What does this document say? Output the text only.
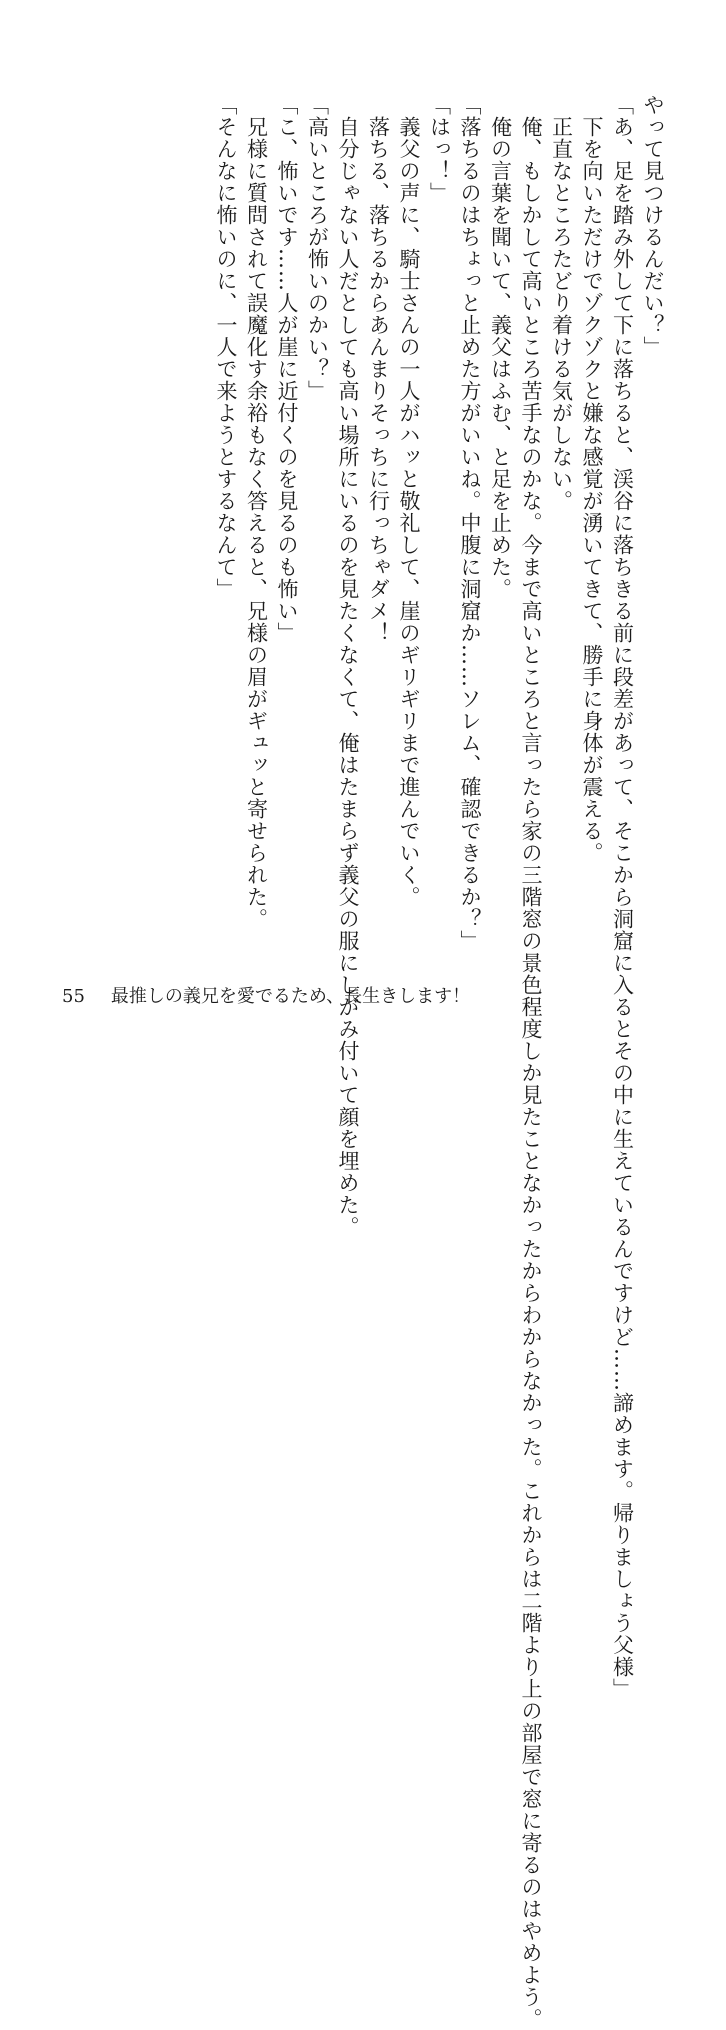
やって見つけるんだい？」
「あ、足を踏み外して下に落ちると、渓谷に落ちきる前に段差があって、そこから洞窟に入るとその中に生えているんですけど……諦めます。帰りましょう父様」
　下を向いただけでゾクゾクと嫌な感覚が湧いてきて、勝手に身体が震える。
　正直なところたどり着ける気がしない。
　俺、もしかして高いところ苦手なのかな。今まで高いところと言ったら家の三階窓の景色程度しか見たことなかったからわからなかった。これからは二階より上の部屋で窓に寄るのはやめよう。
　俺の言葉を聞いて、義父はふむ、と足を止めた。
「落ちるのはちょっと止めた方がいいね。中腹に洞窟か……ソレム、確認できるか？」
「はっ！」
　義父の声に、騎士さんの一人がハッと敬礼して、崖のギリギリまで進んでいく。
　落ちる、落ちるからあんまりそっちに行っちゃダメ！
　自分じゃない人だとしても高い場所にいるのを見たくなくて、俺はたまらず義父の服にしがみ付いて顔を埋めた。
「高いところが怖いのかい？」
「こ、怖いです……人が崖に近付くのを見るのも怖い」
　兄様に質問されて誤魔化す余裕もなく答えると、兄様の眉がギュッと寄せられた。
「そんなに怖いのに、一人で来ようとするなんて」
55 最推しの義兄を愛でるため、長生きします！
